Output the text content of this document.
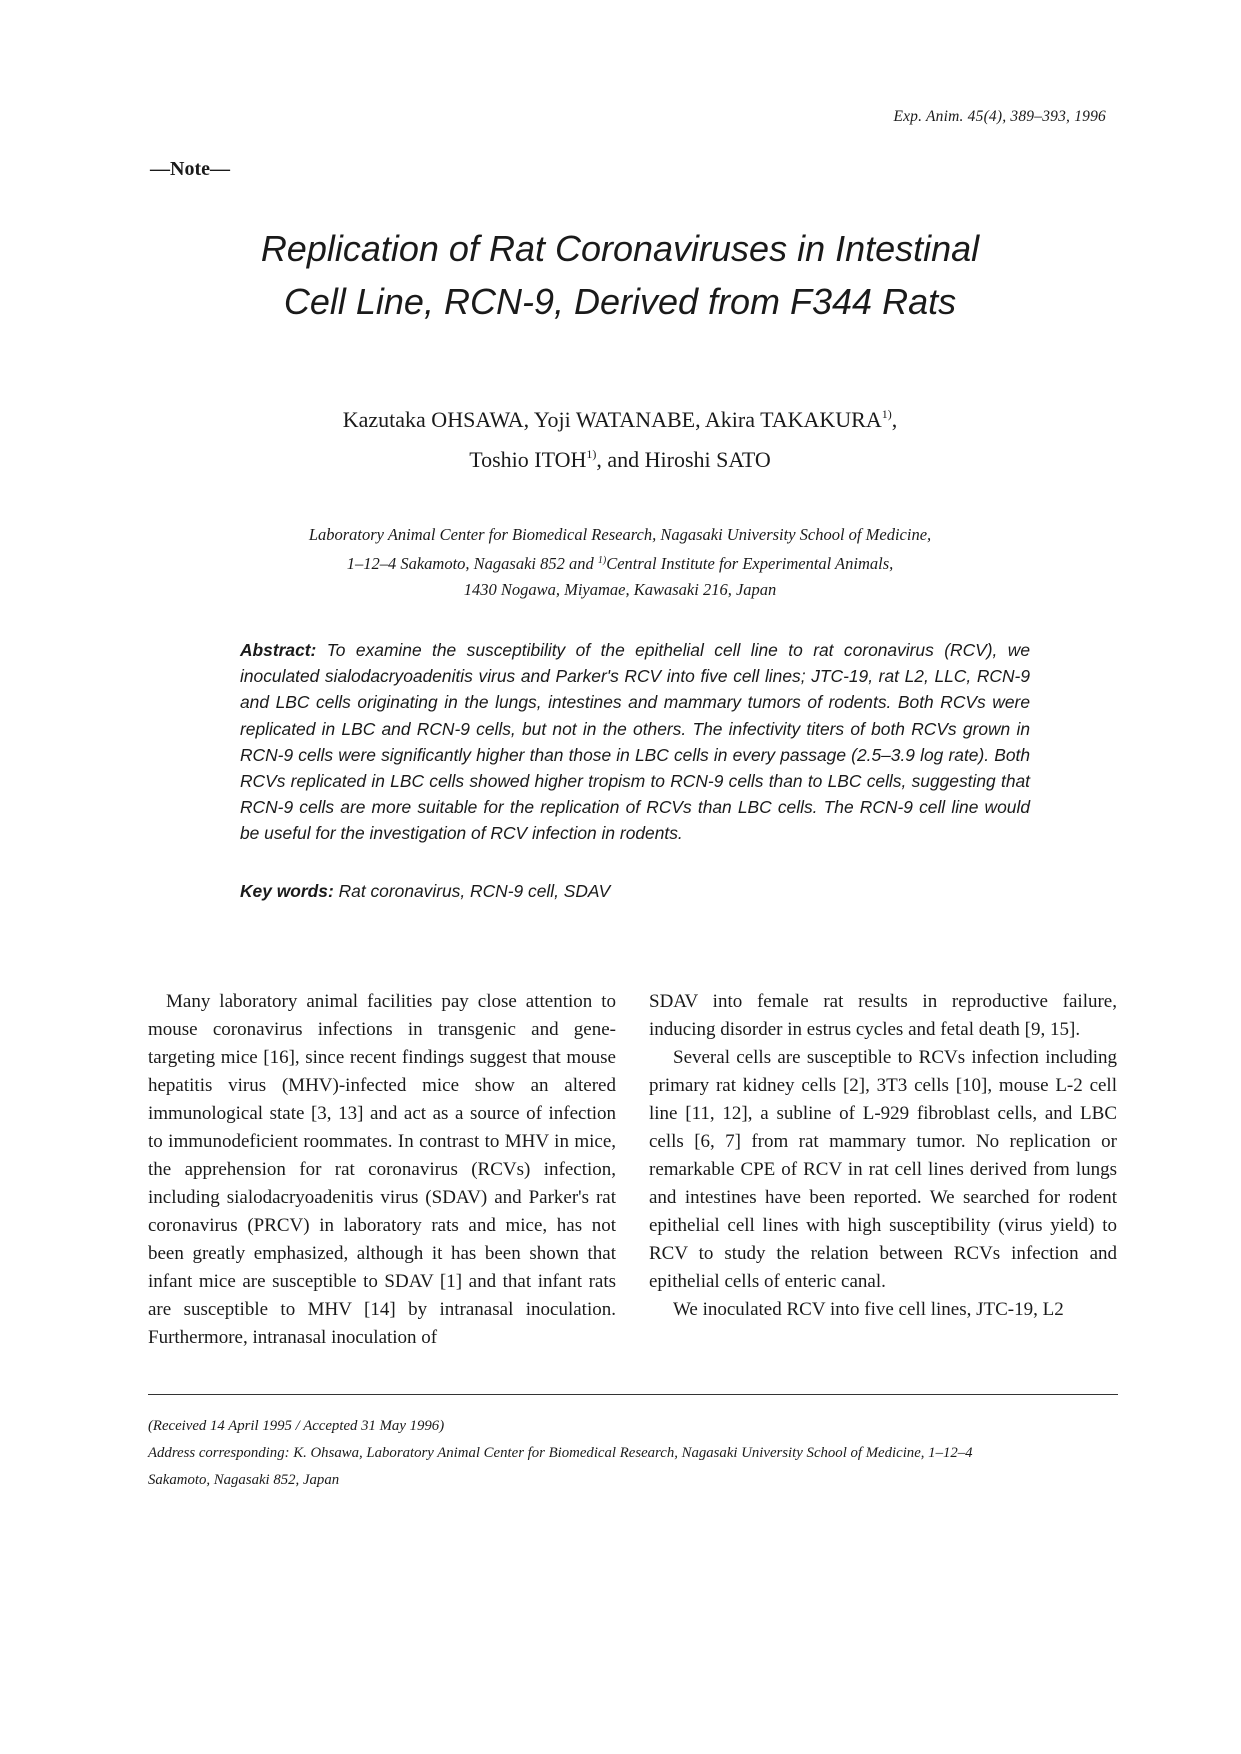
Exp. Anim. 45(4), 389–393, 1996
—Note—
Replication of Rat Coronaviruses in Intestinal
Cell Line, RCN-9, Derived from F344 Rats
Kazutaka OHSAWA, Yoji WATANABE, Akira TAKAKURA$^{1)}$,
Toshio ITOH$^{1)}$, and Hiroshi SATO
Laboratory Animal Center for Biomedical Research, Nagasaki University School of Medicine,
1–12–4 Sakamoto, Nagasaki 852 and $^{1)}$Central Institute for Experimental Animals,
1430 Nogawa, Miyamae, Kawasaki 216, Japan
Abstract: To examine the susceptibility of the epithelial cell line to rat coronavirus (RCV), we inoculated sialodacryoadenitis virus and Parker's RCV into five cell lines; JTC-19, rat L2, LLC, RCN-9 and LBC cells originating in the lungs, intestines and mammary tumors of rodents. Both RCVs were replicated in LBC and RCN-9 cells, but not in the others. The infectivity titers of both RCVs grown in RCN-9 cells were significantly higher than those in LBC cells in every passage (2.5–3.9 log rate). Both RCVs replicated in LBC cells showed higher tropism to RCN-9 cells than to LBC cells, suggesting that RCN-9 cells are more suitable for the replication of RCVs than LBC cells. The RCN-9 cell line would be useful for the investigation of RCV infection in rodents.
Key words: Rat coronavirus, RCN-9 cell, SDAV

Many laboratory animal facilities pay close attention to mouse coronavirus infections in transgenic and gene-targeting mice [16], since recent findings suggest that mouse hepatitis virus (MHV)-infected mice show an altered immunological state [3, 13] and act as a source of infection to immunodeficient roommates. In contrast to MHV in mice, the apprehension for rat coronavirus (RCVs) infection, including sialodacryoadenitis virus (SDAV) and Parker's rat coronavirus (PRCV) in laboratory rats and mice, has not been greatly emphasized, although it has been shown that infant mice are susceptible to SDAV [1] and that infant rats are susceptible to MHV [14] by intranasal inoculation. Furthermore, intranasal inoculation of

SDAV into female rat results in reproductive failure, inducing disorder in estrus cycles and fetal death [9, 15].

Several cells are susceptible to RCVs infection including primary rat kidney cells [2], 3T3 cells [10], mouse L-2 cell line [11, 12], a subline of L-929 fibroblast cells, and LBC cells [6, 7] from rat mammary tumor. No replication or remarkable CPE of RCV in rat cell lines derived from lungs and intestines have been reported. We searched for rodent epithelial cell lines with high susceptibility (virus yield) to RCV to study the relation between RCVs infection and epithelial cells of enteric canal.

We inoculated RCV into five cell lines, JTC-19, L2

(Received 14 April 1995 / Accepted 31 May 1996)
Address corresponding: K. Ohsawa, Laboratory Animal Center for Biomedical Research, Nagasaki University School of Medicine, 1–12–4
Sakamoto, Nagasaki 852, Japan
